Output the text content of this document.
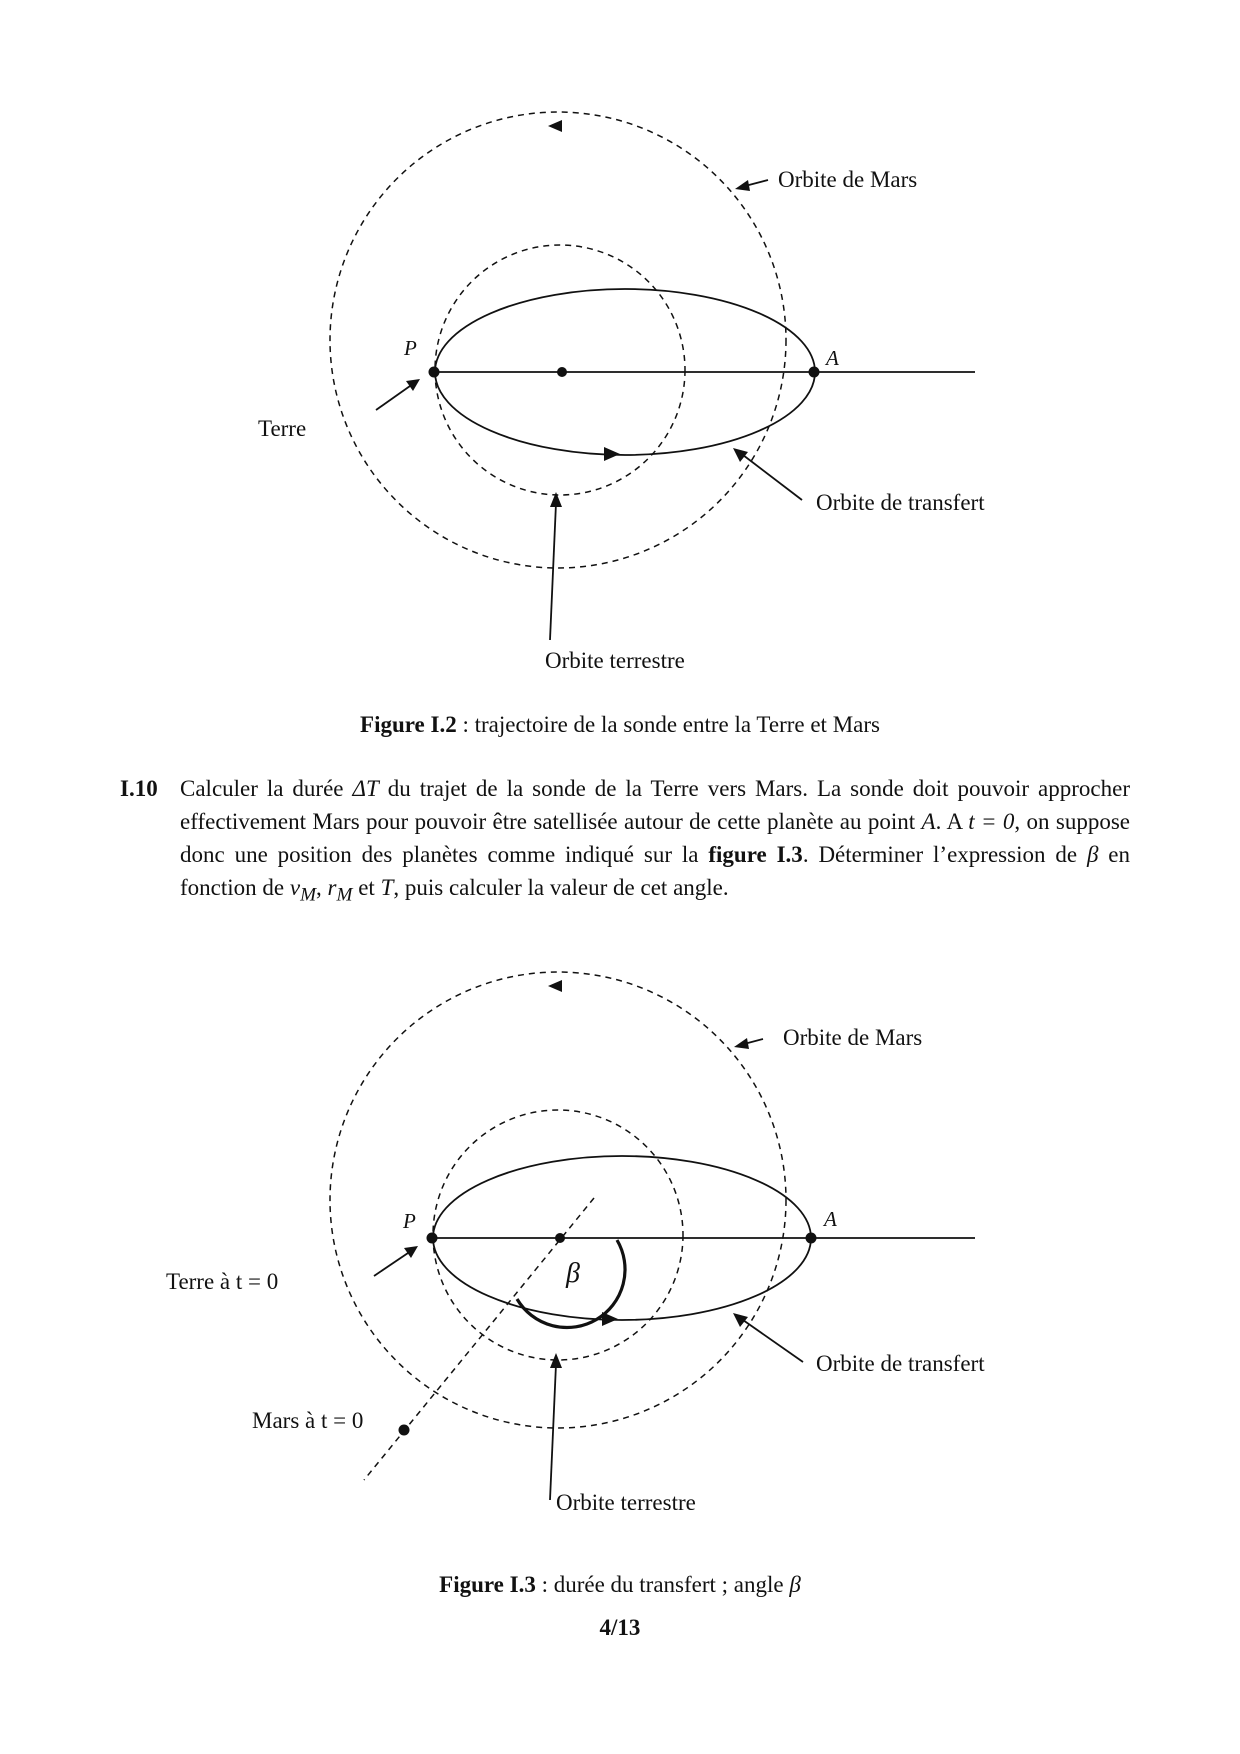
Orbite de Mars
P	A
Terre
Orbite de transfert
Orbite terrestre
Figure I.2 : trajectoire de la sonde entre la Terre et Mars
I.10 Calculer la durée ΔT du trajet de la sonde de la Terre vers Mars. La sonde doit pouvoir approcher effectivement Mars pour pouvoir être satellisée autour de cette planète au point A. A t = 0, on suppose donc une position des planètes comme indiqué sur la figure I.3. Déterminer l’expression de β en fonction de $v_M$, $r_M$ et T, puis calculer la valeur de cet angle.
Orbite de Mars
P	A
β
Terre à t = 0
Mars à t = 0
Orbite de transfert
Orbite terrestre
Figure I.3 : durée du transfert ; angle β
4/13
